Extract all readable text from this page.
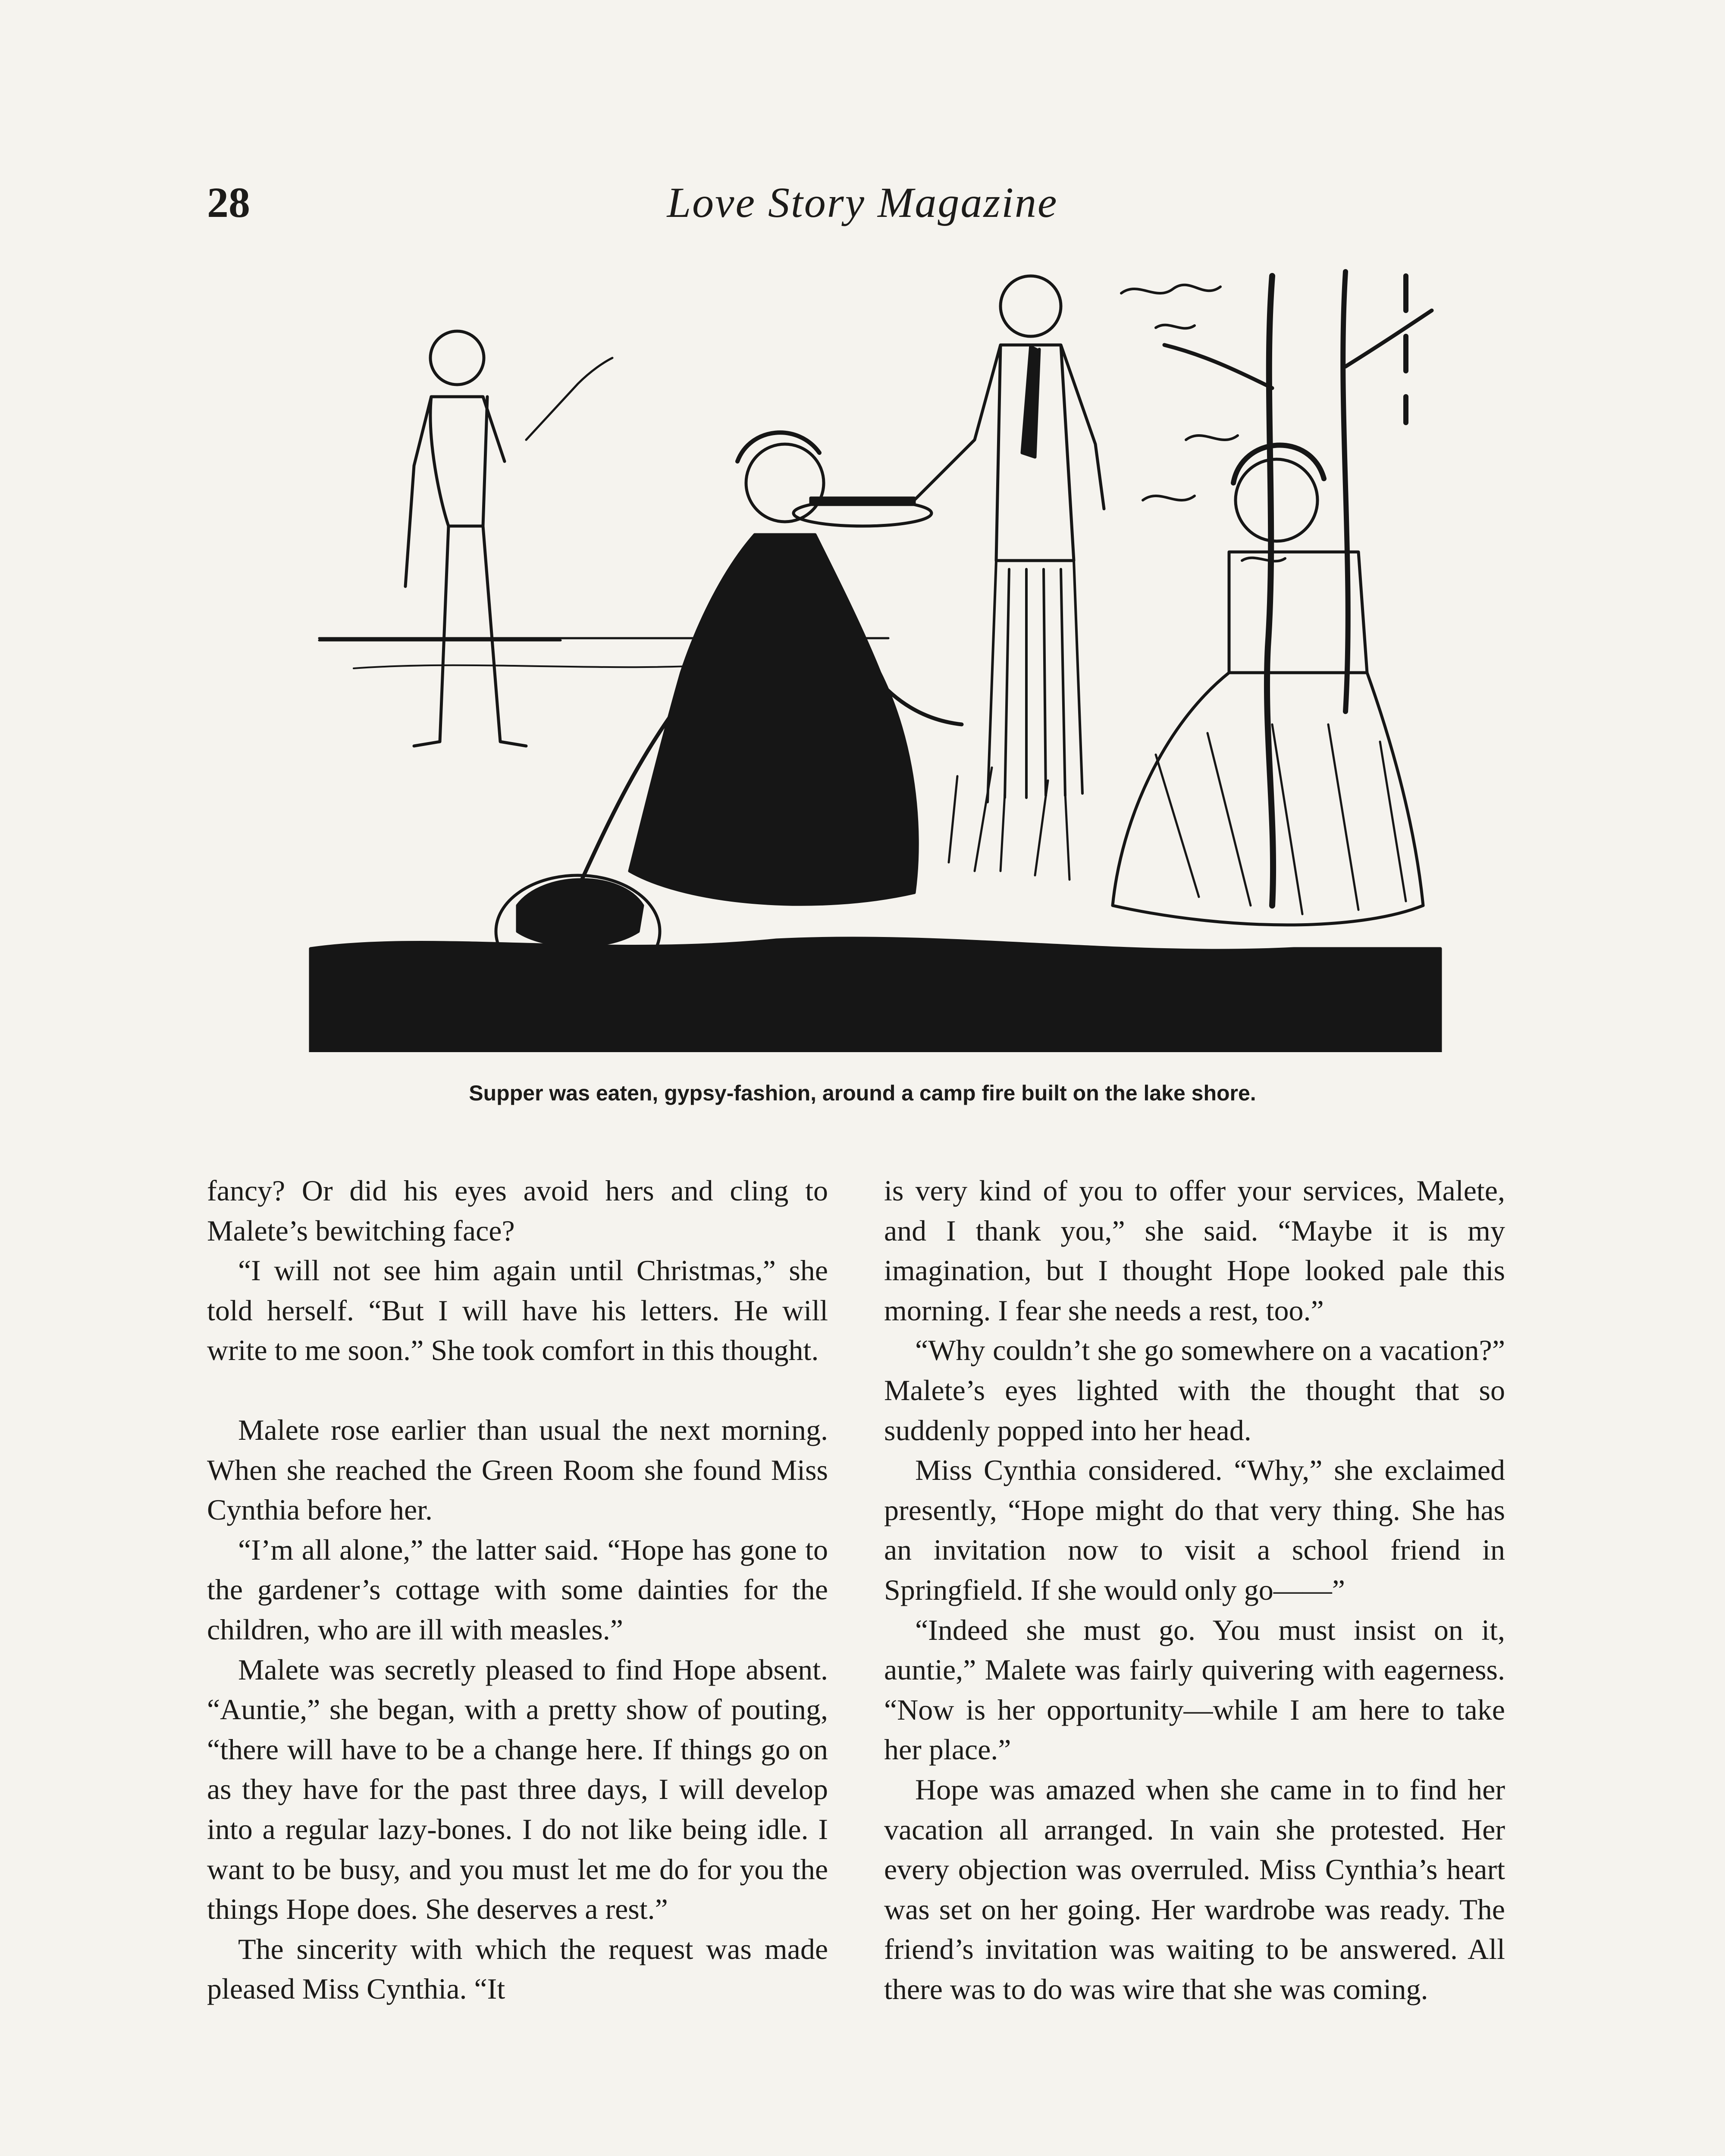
28	Love Story Magazine
Supper was eaten, gypsy-fashion, around a camp fire built on the lake shore.

fancy? Or did his eyes avoid hers and cling to Malete’s bewitching face?

“I will not see him again until Christmas,” she told herself. “But I will have his letters. He will write to me soon.” She took comfort in this thought.

Malete rose earlier than usual the next morning. When she reached the Green Room she found Miss Cynthia before her.

“I’m all alone,” the latter said. “Hope has gone to the gardener’s cottage with some dainties for the children, who are ill with measles.”

Malete was secretly pleased to find Hope absent. “Auntie,” she began, with a pretty show of pouting, “there will have to be a change here. If things go on as they have for the past three days, I will develop into a regular lazy-bones. I do not like being idle. I want to be busy, and you must let me do for you the things Hope does. She deserves a rest.”

The sincerity with which the request was made pleased Miss Cynthia. “It

is very kind of you to offer your services, Malete, and I thank you,” she said. “Maybe it is my imagination, but I thought Hope looked pale this morning. I fear she needs a rest, too.”

“Why couldn’t she go somewhere on a vacation?” Malete’s eyes lighted with the thought that so suddenly popped into her head.

Miss Cynthia considered. “Why,” she exclaimed presently, “Hope might do that very thing. She has an invitation now to visit a school friend in Springfield. If she would only go——”

“Indeed she must go. You must insist on it, auntie,” Malete was fairly quivering with eagerness. “Now is her opportunity—while I am here to take her place.”

Hope was amazed when she came in to find her vacation all arranged. In vain she protested. Her every objection was overruled. Miss Cynthia’s heart was set on her going. Her wardrobe was ready. The friend’s invitation was waiting to be answered. All there was to do was wire that she was coming.
